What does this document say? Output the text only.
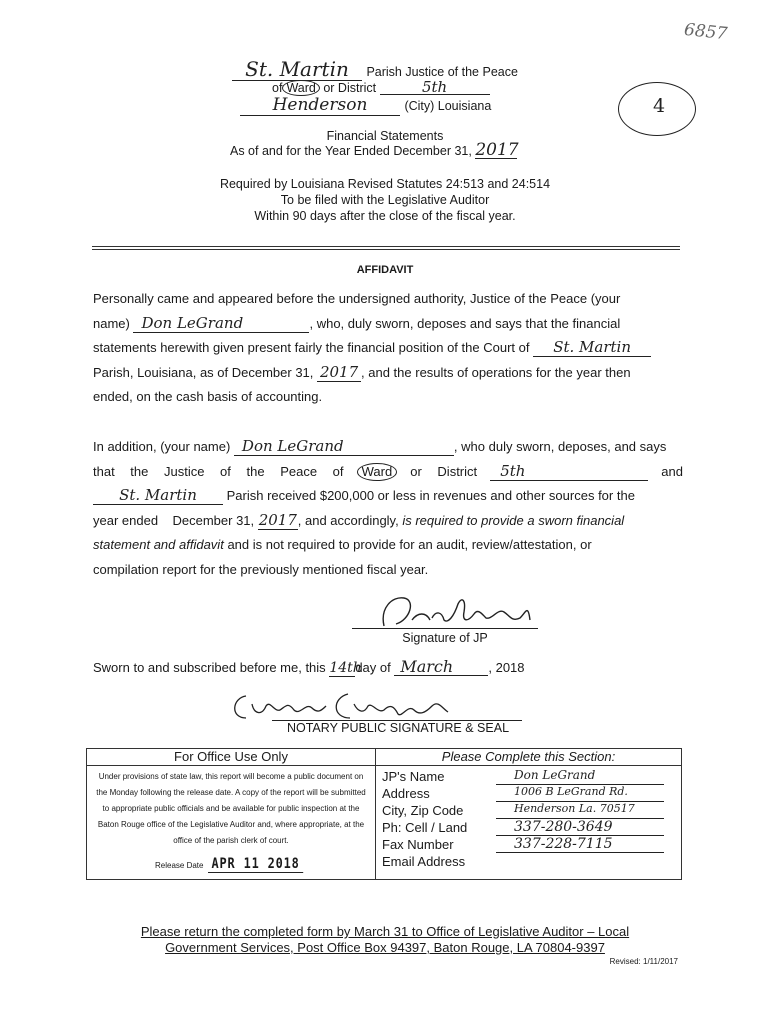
6857
4
St. Martin Parish Justice of the Peace
of Ward or District	5th
Henderson	(City) Louisiana
Financial Statements
As of and for the Year Ended December 31, 2017
Required by Louisiana Revised Statutes 24:513 and 24:514
To be filed with the Legislative Auditor
Within 90 days after the close of the fiscal year.
AFFIDAVIT
Personally came and appeared before the undersigned authority, Justice of the Peace (your
name) Don LeGrand	, who, duly sworn, deposes and says that the financial
statements herewith given present fairly the financial position of the Court of St. Martin
Parish, Louisiana, as of December 31, 2017 , and the results of operations for the year then
ended, on the cash basis of accounting.
In addition, (your name) Don LeGrand	, who duly sworn, deposes, and says
that the Justice of the Peace of	Ward	or District	5th	and
St. Martin Parish received $200,000 or less in revenues and other sources for the
year ended    December 31, 2017, and accordingly, is required to provide a sworn financial
statement and affidavit and is not required to provide for an audit, review/attestation, or
compilation report for the previously mentioned fiscal year.
Signature of JP
Sworn to and subscribed before me, this 14thday of March	, 2018
NOTARY PUBLIC SIGNATURE & SEAL
For Office Use Only
Under provisions of state law, this report will become a public document on the Monday following the release date. A copy of the report will be submitted to appropriate public officials and be available for public inspection at the Baton Rouge office of the Legislative Auditor and, where appropriate, at the office of the parish clerk of court.
Release Date APR 11 2018
Please Complete this Section:
JP's Name	Don LeGrand
Address	1006 B LeGrand Rd.
City, Zip Code	Henderson La. 70517
Ph: Cell / Land	337-280-3649
Fax Number	337-228-7115
Email Address
Please return the completed form by March 31 to Office of Legislative Auditor – Local
Government Services, Post Office Box 94397, Baton Rouge, LA 70804-9397
Revised: 1/11/2017
